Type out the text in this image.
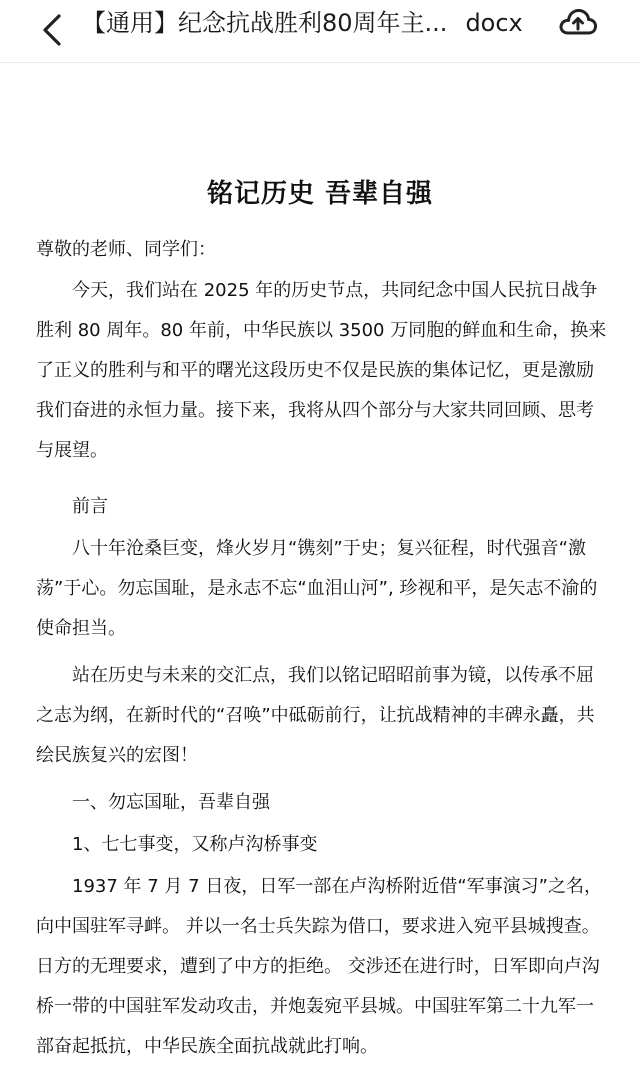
【通用】纪念抗战胜利80周年主... docx
铭记历史 吾辈自强
尊敬的老师、同学们：
今天，我们站在 2025 年的历史节点，共同纪念中国人民抗日战争胜利 80 周年。80 年前，中华民族以 3500 万同胞的鲜血和生命，换来了正义的胜利与和平的曙光这段历史不仅是民族的集体记忆，更是激励我们奋进的永恒力量。接下来，我将从四个部分与大家共同回顾、思考与展望。
前言
八十年沧桑巨变，烽火岁月“镌刻”于史；复兴征程，时代强音“激荡”于心。勿忘国耻，是永志不忘“血泪山河”, 珍视和平，是矢志不渝的使命担当。
站在历史与未来的交汇点，我们以铭记昭昭前事为镜，以传承不屈之志为纲，在新时代的“召唤”中砥砺前行，让抗战精神的丰碑永矗，共绘民族复兴的宏图！
一、勿忘国耻，吾辈自强
1、七七事变，又称卢沟桥事变
1937 年 7 月 7 日夜，日军一部在卢沟桥附近借“军事演习”之名，向中国驻军寻衅。 并以一名士兵失踪为借口，要求进入宛平县城搜查。 日方的无理要求，遭到了中方的拒绝。 交涉还在进行时，日军即向卢沟桥一带的中国驻军发动攻击，并炮轰宛平县城。中国驻军第二十九军一部奋起抵抗，中华民族全面抗战就此打响。
